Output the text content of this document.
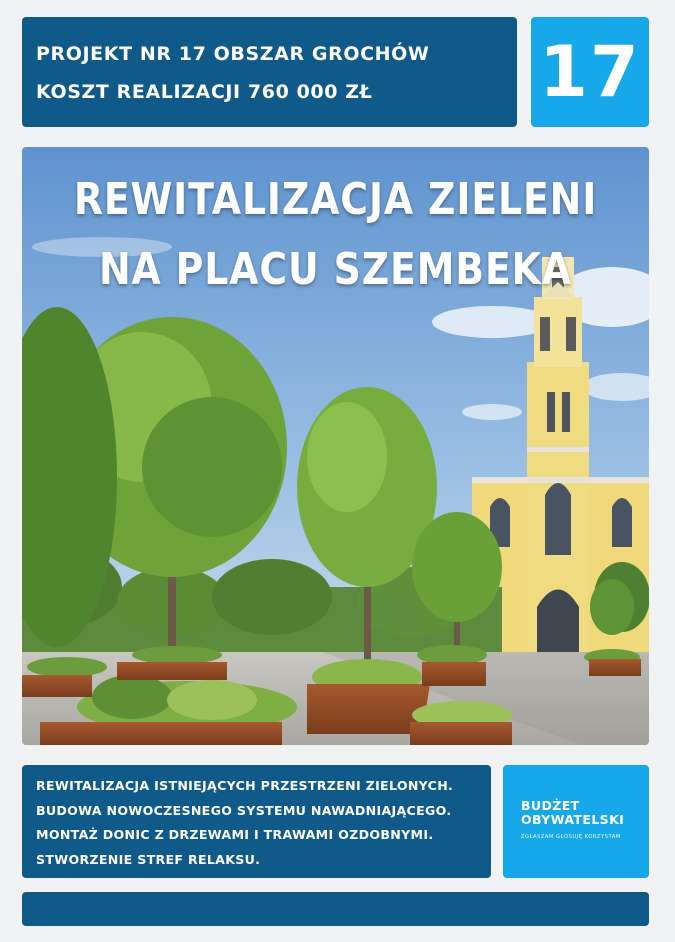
PROJEKT NR 17 OBSZAR GROCHÓW
KOSZT REALIZACJI 760 000 ZŁ	17
REWITALIZACJA ZIELENI
NA PLACU SZEMBEKA
REWITALIZACJA ISTNIEJĄCYCH PRZESTRZENI ZIELONYCH.
BUDOWA NOWOCZESNEGO SYSTEMU NAWADNIAJĄCEGO.
MONTAŻ DONIC Z DRZEWAMI I TRAWAMI OZDOBNYMI.
STWORZENIE STREF RELAKSU.
BUDŻET
OBYWATELSKI
ZGŁASZAM GŁOSUJĘ KORZYSTAM
